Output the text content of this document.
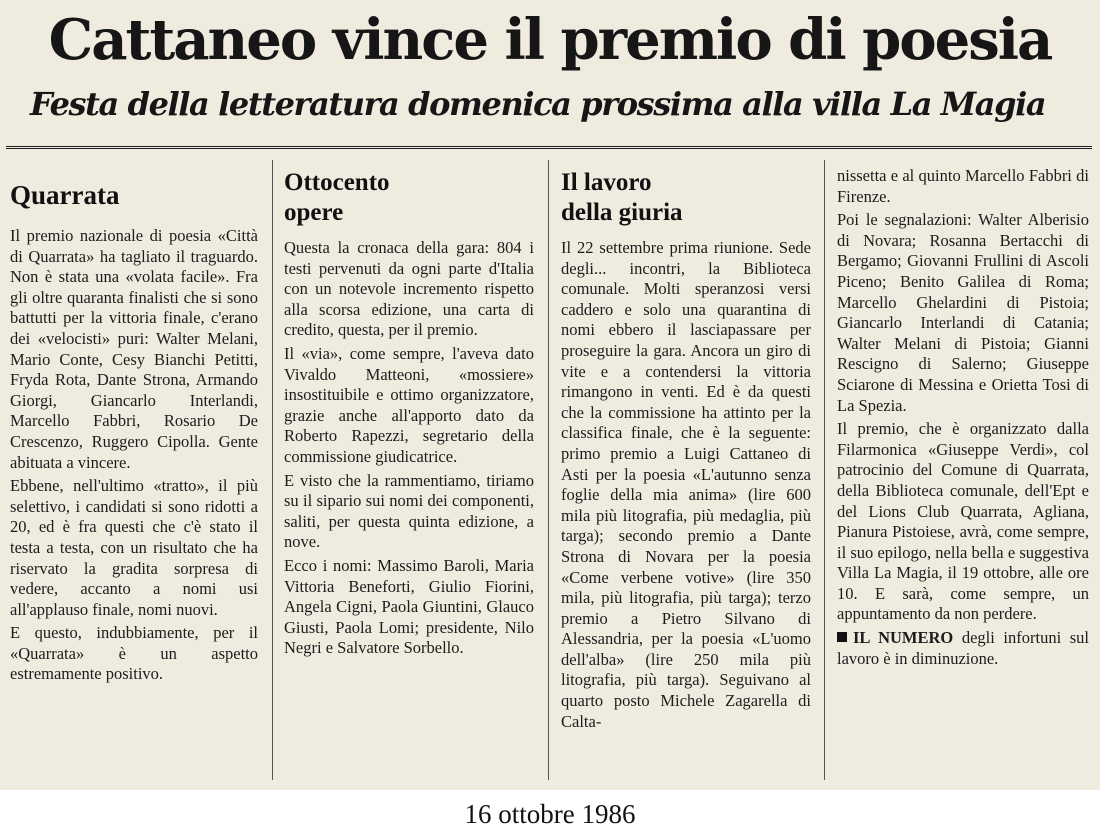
Cattaneo vince il premio di poesia
Festa della letteratura domenica prossima alla villa La Magia
Quarrata

Il premio nazionale di poesia «Città di Quarrata» ha tagliato il traguardo. Non è stata una «volata facile». Fra gli oltre quaranta finalisti che si sono battutti per la vittoria finale, c'erano dei «velocisti» puri: Walter Melani, Mario Conte, Cesy Bianchi Petitti, Fryda Rota, Dante Strona, Armando Giorgi, Giancarlo Interlandi, Marcello Fabbri, Rosario De Crescenzo, Ruggero Cipolla. Gente abituata a vincere.

Ebbene, nell'ultimo «tratto», il più selettivo, i candidati si sono ridotti a 20, ed è fra questi che c'è stato il testa a testa, con un risultato che ha riservato la gradita sorpresa di vedere, accanto a nomi usi all'applauso finale, nomi nuovi.

E questo, indubbiamente, per il «Quarrata» è un aspetto estremamente positivo.

Ottocento
opere

Questa la cronaca della gara: 804 i testi pervenuti da ogni parte d'Italia con un notevole incremento rispetto alla scorsa edizione, una carta di credito, questa, per il premio.

Il «via», come sempre, l'aveva dato Vivaldo Matteoni, «mossiere» insostituibile e ottimo organizzatore, grazie anche all'apporto dato da Roberto Rapezzi, segretario della commissione giudicatrice.

E visto che la rammentiamo, tiriamo su il sipario sui nomi dei componenti, saliti, per questa quinta edizione, a nove.

Ecco i nomi: Massimo Baroli, Maria Vittoria Beneforti, Giulio Fiorini, Angela Cigni, Paola Giuntini, Glauco Giusti, Paola Lomi; presidente, Nilo Negri e Salvatore Sorbello.

Il lavoro
della giuria

Il 22 settembre prima riunione. Sede degli... incontri, la Biblioteca comunale. Molti speranzosi versi caddero e solo una quarantina di nomi ebbero il lasciapassare per proseguire la gara. Ancora un giro di vite e a contendersi la vittoria rimangono in venti. Ed è da questi che la commissione ha attinto per la classifica finale, che è la seguente: primo premio a Luigi Cattaneo di Asti per la poesia «L'autunno senza foglie della mia anima» (lire 600 mila più litografia, più medaglia, più targa); secondo premio a Dante Strona di Novara per la poesia «Come verbene votive» (lire 350 mila, più litografia, più targa); terzo premio a Pietro Silvano di Alessandria, per la poesia «L'uomo dell'alba» (lire 250 mila più litografia, più targa). Seguivano al quarto posto Michele Zagarella di Calta-

nissetta e al quinto Marcello Fabbri di Firenze.

Poi le segnalazioni: Walter Alberisio di Novara; Rosanna Bertacchi di Bergamo; Giovanni Frullini di Ascoli Piceno; Benito Galilea di Roma; Marcello Ghelardini di Pistoia; Giancarlo Interlandi di Catania; Walter Melani di Pistoia; Gianni Rescigno di Salerno; Giuseppe Sciarone di Messina e Orietta Tosi di La Spezia.

Il premio, che è organizzato dalla Filarmonica «Giuseppe Verdi», col patrocinio del Comune di Quarrata, della Biblioteca comunale, dell'Ept e del Lions Club Quarrata, Agliana, Pianura Pistoiese, avrà, come sempre, il suo epilogo, nella bella e suggestiva Villa La Magia, il 19 ottobre, alle ore 10. E sarà, come sempre, un appuntamento da non perdere.

IL NUMERO degli infortuni sul lavoro è in diminuzione.

16 ottobre 1986
